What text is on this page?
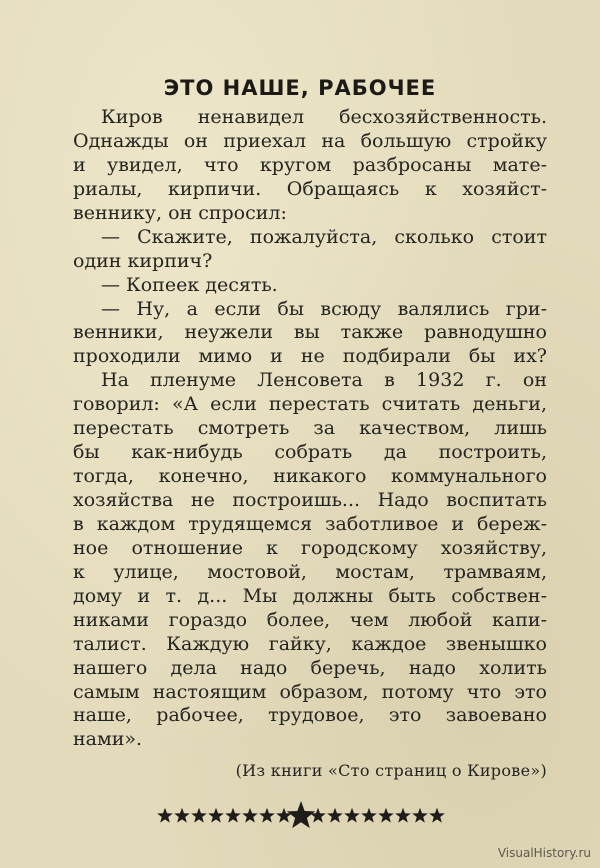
ЭТО НАШЕ, РАБОЧЕЕ
Киров ненавидел бесхозяйственность.
Однажды он приехал на большую стройку
и увидел, что кругом разбросаны мате-
риалы, кирпичи. Обращаясь к хозяйст-
веннику, он спросил:
— Скажите, пожалуйста, сколько стоит
один кирпич?
— Копеек десять.
— Ну, а если бы всюду валялись гри-
венники, неужели вы также равнодушно
проходили мимо и не подбирали бы их?
На пленуме Ленсовета в 1932 г. он
говорил: «А если перестать считать деньги,
перестать смотреть за качеством, лишь
бы как-нибудь собрать да построить,
тогда, конечно, никакого коммунального
хозяйства не построишь... Надо воспитать
в каждом трудящемся заботливое и береж-
ное отношение к городскому хозяйству,
к улице, мостовой, мостам, трамваям,
дому и т. д... Мы должны быть собствен-
никами гораздо более, чем любой капи-
талист. Каждую гайку, каждое звенышко
нашего дела надо беречь, надо холить
самым настоящим образом, потому что это
наше, рабочее, трудовое, это завоевано
нами».
(Из книги «Сто страниц о Кирове»)
VisualHistory.ru
